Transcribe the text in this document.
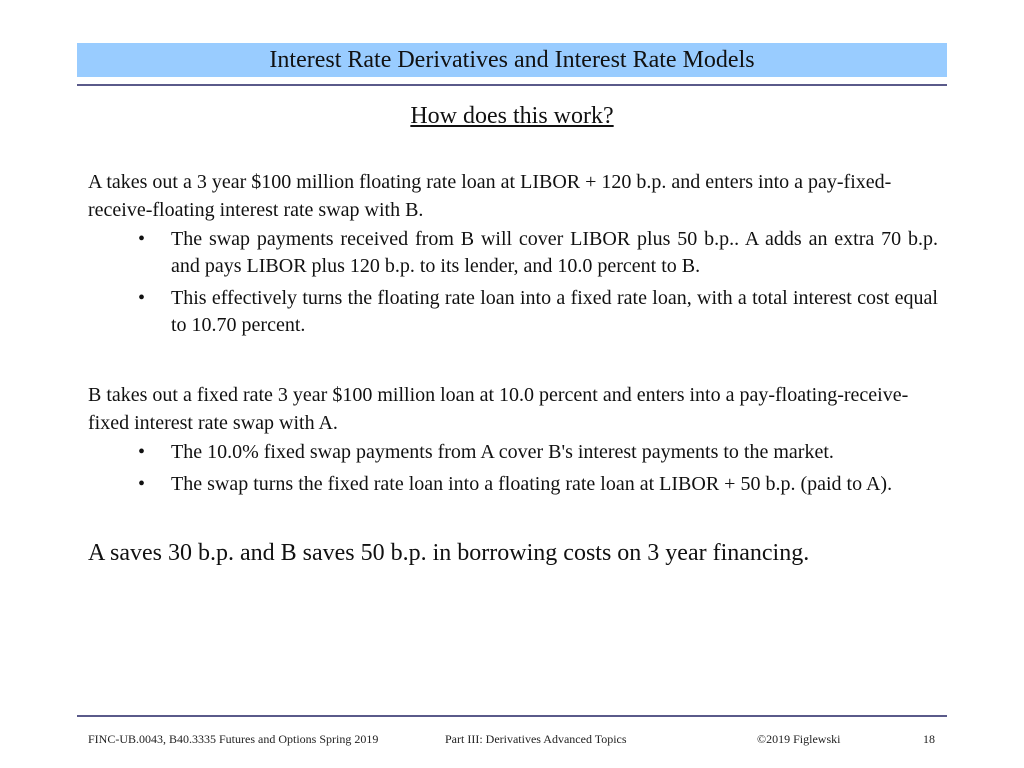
Interest Rate Derivatives and Interest Rate Models
How does this work?

A takes out a 3 year $100 million floating rate loan at LIBOR + 120 b.p. and enters into a pay-fixed-receive-floating interest rate swap with B.

• The swap payments received from B will cover LIBOR plus 50 b.p.. A adds an extra 70 b.p. and pays LIBOR plus 120 b.p. to its lender, and 10.0 percent to B.
• This effectively turns the floating rate loan into a fixed rate loan, with a total interest cost equal to 10.70 percent.

B takes out a fixed rate 3 year $100 million loan at 10.0 percent and enters into a pay-floating-receive-fixed interest rate swap with A.

• The 10.0% fixed swap payments from A cover B's interest payments to the market.
• The swap turns the fixed rate loan into a floating rate loan at LIBOR + 50 b.p. (paid to A).

A saves 30 b.p. and B saves 50 b.p. in borrowing costs on 3 year financing.

FINC-UB.0043, B40.3335 Futures and Options Spring 2019	Part III: Derivatives Advanced Topics	©2019 Figlewski	18
